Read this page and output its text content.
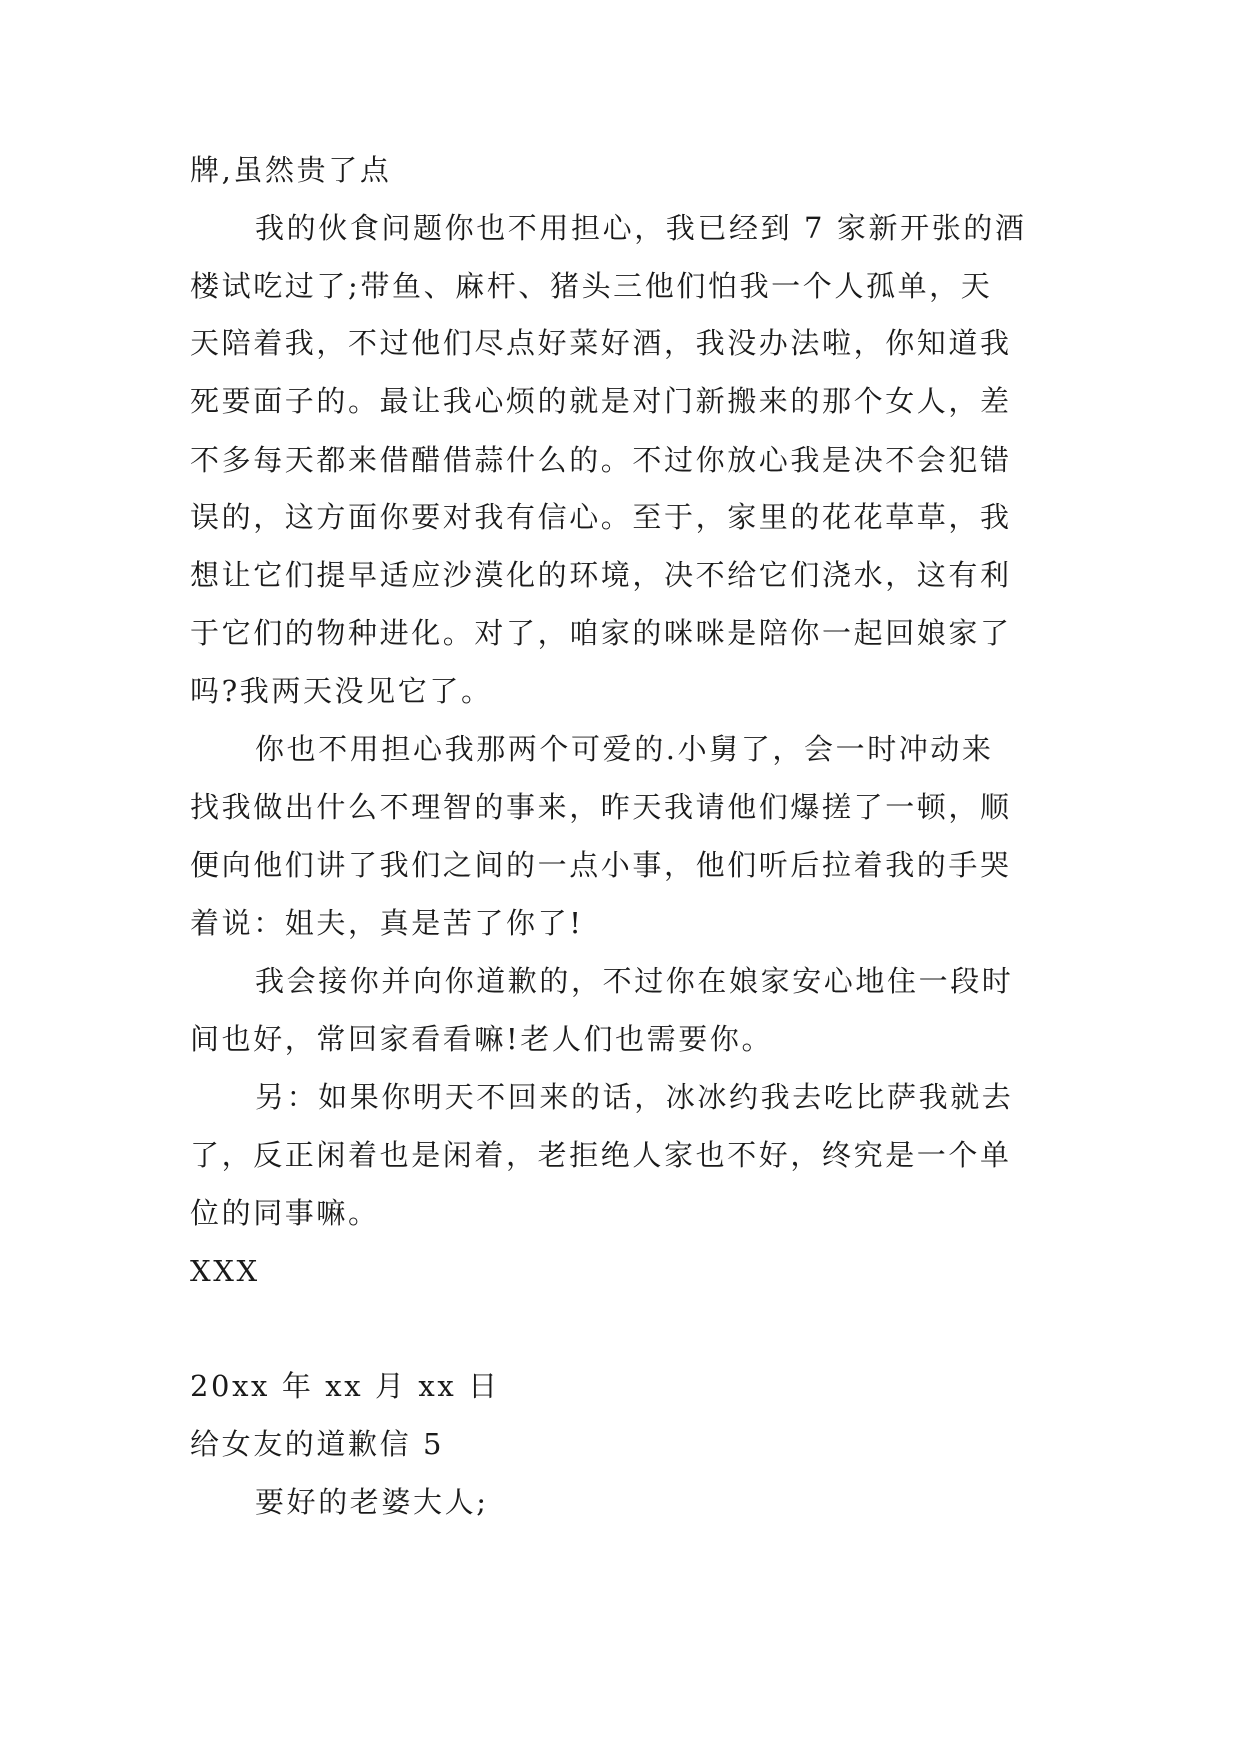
牌,虽然贵了点
我的伙食问题你也不用担心，我已经到 7 家新开张的酒
楼试吃过了;带鱼、麻杆、猪头三他们怕我一个人孤单，天
天陪着我，不过他们尽点好菜好酒，我没办法啦，你知道我
死要面子的。最让我心烦的就是对门新搬来的那个女人，差
不多每天都来借醋借蒜什么的。不过你放心我是决不会犯错
误的，这方面你要对我有信心。至于，家里的花花草草，我
想让它们提早适应沙漠化的环境，决不给它们浇水，这有利
于它们的物种进化。对了，咱家的咪咪是陪你一起回娘家了
吗?我两天没见它了。
你也不用担心我那两个可爱的.小舅了，会一时冲动来
找我做出什么不理智的事来，昨天我请他们爆搓了一顿，顺
便向他们讲了我们之间的一点小事，他们听后拉着我的手哭
着说：姐夫，真是苦了你了!
我会接你并向你道歉的，不过你在娘家安心地住一段时
间也好，常回家看看嘛!老人们也需要你。
另：如果你明天不回来的话，冰冰约我去吃比萨我就去
了，反正闲着也是闲着，老拒绝人家也不好，终究是一个单
位的同事嘛。
XXX
20xx 年 xx 月 xx 日
给女友的道歉信 5
要好的老婆大人;
